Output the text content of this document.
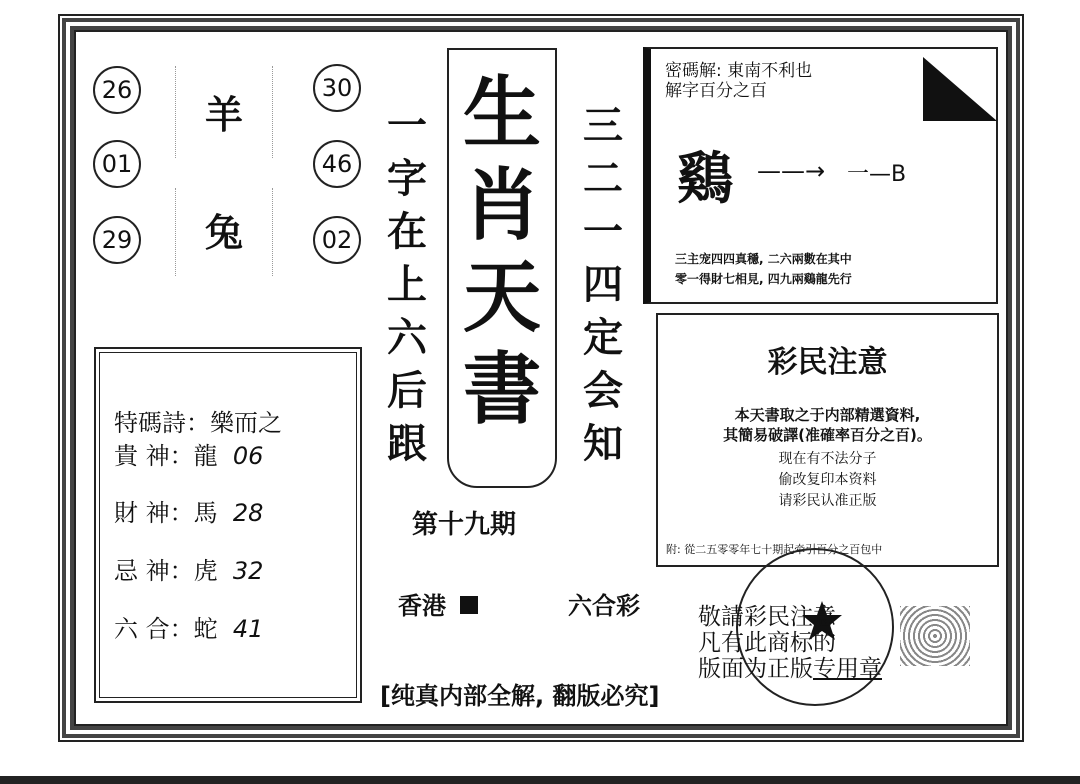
26
01
29
羊
兔
30
46
02
一
字
在
上
六
后
跟
生
肖
天
書
三
二
一
四
定
会
知
第十九期
特碼詩：樂而之
貴 神：龍 06
財 神：馬 28
忌 神：虎 32
六 合：蛇 41
密碼解: 東南不利也
解字百分之百
鷄 ——→ 一—B
三主宠四四真穩, 二六兩數在其中
零一得財七相見, 四九兩鷄龍先行
彩民注意
本天書取之于内部精選資料,
其簡易破譯(准確率百分之百)。
现在有不法分子
偷改复印本资料
请彩民认准正版
附: 從二五零零年七十期起牵引百分之百包中
香港	六合彩
[纯真内部全解, 翻版必究]
敬請彩民注意
凡有此商标的
版面为正版专用章
